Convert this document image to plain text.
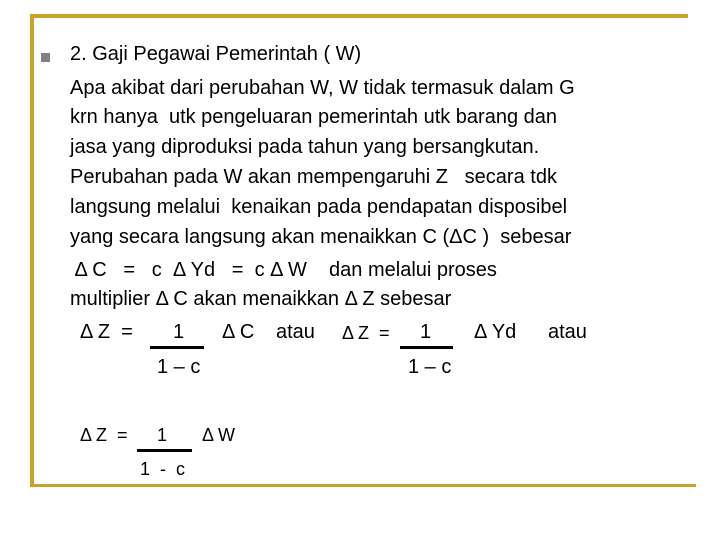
2. Gaji Pegawai Pemerintah ( W)
Apa akibat dari perubahan W, W tidak termasuk dalam G
krn hanya  utk pengeluaran pemerintah utk barang dan
jasa yang diproduksi pada tahun yang bersangkutan.
Perubahan pada W akan mempengaruhi Z   secara tdk
langsung melalui  kenaikan pada pendapatan disposibel
yang secara langsung akan menaikkan C (ΔC )  sebesar
Δ C   =   c  Δ Yd   =  c Δ W    dan melalui proses
multiplier Δ C akan menaikkan Δ Z sebesar
Δ Z  = 1 Δ C atau
1 – c
Δ Z  = 1 Δ Yd atau
1 – c
Δ Z  = 1 Δ W
1  -  c
